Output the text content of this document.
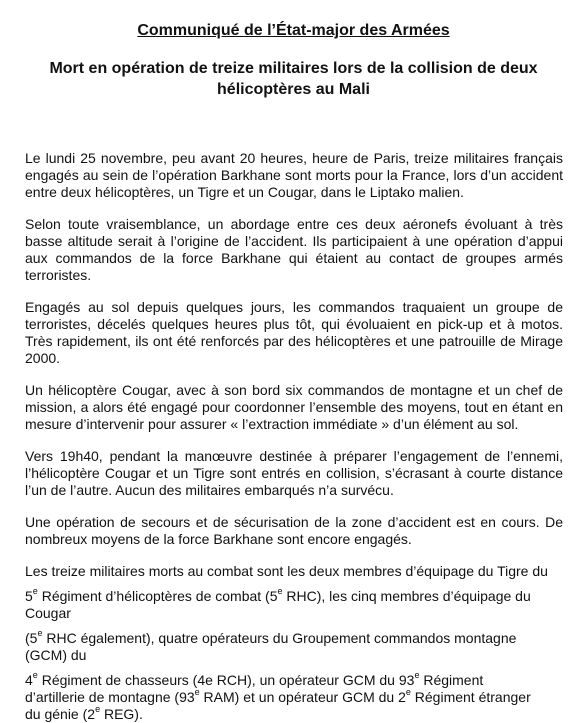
Communiqué de l’État-major des Armées
Mort en opération de treize militaires lors de la collision de deux hélicoptères au Mali

Le lundi 25 novembre, peu avant 20 heures, heure de Paris, treize militaires français engagés au sein de l’opération Barkhane sont morts pour la France, lors d’un accident entre deux hélicoptères, un Tigre et un Cougar, dans le Liptako malien.

Selon toute vraisemblance, un abordage entre ces deux aéronefs évoluant à très basse altitude serait à l’origine de l’accident. Ils participaient à une opération d’appui aux commandos de la force Barkhane qui étaient au contact de groupes armés terroristes.

Engagés au sol depuis quelques jours, les commandos traquaient un groupe de terroristes, décelés quelques heures plus tôt, qui évoluaient en pick-up et à motos. Très rapidement, ils ont été renforcés par des hélicoptères et une patrouille de Mirage 2000.

Un hélicoptère Cougar, avec à son bord six commandos de montagne et un chef de mission, a alors été engagé pour coordonner l’ensemble des moyens, tout en étant en mesure d’intervenir pour assurer « l’extraction immédiate » d’un élément au sol.

Vers 19h40, pendant la manœuvre destinée à préparer l’engagement de l’ennemi, l’hélicoptère Cougar et un Tigre sont entrés en collision, s’écrasant à courte distance l’un de l’autre. Aucun des militaires embarqués n’a survécu.

Une opération de secours et de sécurisation de la zone d’accident est en cours. De nombreux moyens de la force Barkhane sont encore engagés.

Les treize militaires morts au combat sont les deux membres d’équipage du Tigre du
5e Régiment d’hélicoptères de combat (5e RHC), les cinq membres d’équipage du
Cougar
(5e RHC également), quatre opérateurs du Groupement commandos montagne
(GCM) du
4e Régiment de chasseurs (4e RCH), un opérateur GCM du 93e Régiment
d’artillerie de montagne (93e RAM) et un opérateur GCM du 2e Régiment étranger
du génie (2e REG).
